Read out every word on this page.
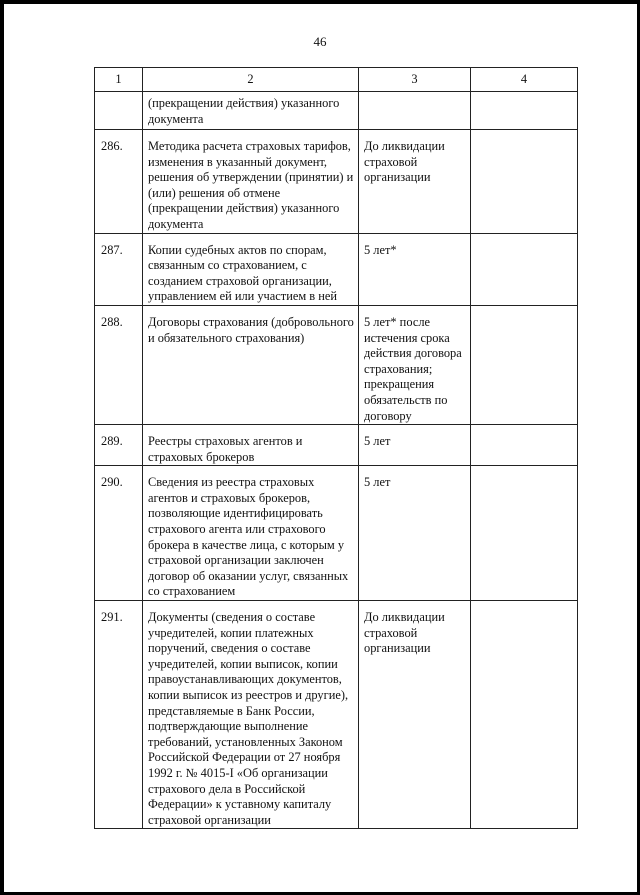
46
1	2	3	4
	(прекращении действия) указанного документа		
286.	Методика расчета страховых тарифов, изменения в указанный документ, решения об утверждении (принятии) и (или) решения об отмене (прекращении действия) указанного документа	До ликвидации страховой организации	
287.	Копии судебных актов по спорам, связанным со страхованием, с созданием страховой организации, управлением ей или участием в ней	5 лет*	
288.	Договоры страхования (добровольного и обязательного страхования)	5 лет* после истечения срока действия договора страхования; прекращения обязательств по договору	
289.	Реестры страховых агентов и страховых брокеров	5 лет	
290.	Сведения из реестра страховых агентов и страховых брокеров, позволяющие идентифицировать страхового агента или страхового брокера в качестве лица, с которым у страховой организации заключен договор об оказании услуг, связанных со страхованием	5 лет	
291.	Документы (сведения о составе учредителей, копии платежных поручений, сведения о составе учредителей, копии выписок, копии правоустанавливающих документов, копии выписок из реестров и другие), представляемые в Банк России, подтверждающие выполнение требований, установленных Законом Российской Федерации от 27 ноября 1992 г. № 4015-I «Об организации страхового дела в Российской Федерации» к уставному капиталу страховой организации	До ликвидации страховой организации	
